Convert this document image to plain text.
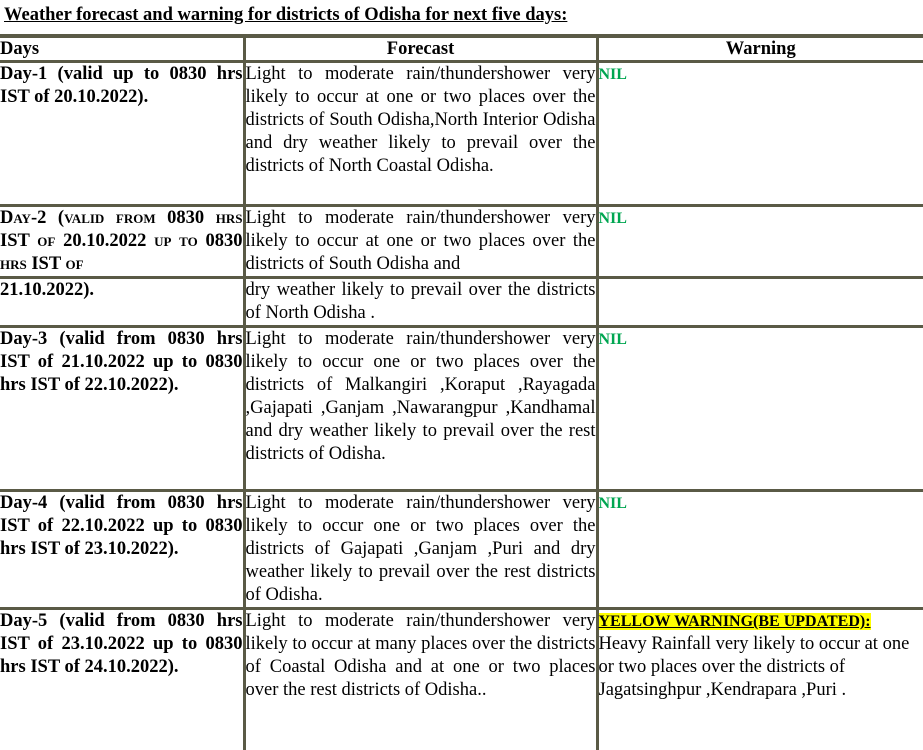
Weather forecast and warning for districts of Odisha for next five days:
Days	Forecast	Warning
Day-1 (valid up to 0830 hrs IST of 20.10.2022).	Light to moderate rain/thundershower very likely to occur at one or two places over the districts of South Odisha,North Interior Odisha and dry weather likely to prevail over the districts of North Coastal Odisha.	NIL
Day-2 (valid from 0830 hrs IST of 20.10.2022 up to 0830 hrs IST of	Light to moderate rain/thundershower very likely to occur at one or two places over the districts of South Odisha and	NIL
21.10.2022).	dry weather likely to prevail over the districts of North Odisha .	
Day-3 (valid from 0830 hrs IST of 21.10.2022 up to 0830 hrs IST of 22.10.2022).	Light to moderate rain/thundershower very likely to occur one or two places over the districts of Malkangiri ,Koraput ,Rayagada ,Gajapati ,Ganjam ,Nawarangpur ,Kandhamal and dry weather likely to prevail over the rest districts of Odisha.	NIL
Day-4 (valid from 0830 hrs IST of 22.10.2022 up to 0830 hrs IST of 23.10.2022).	Light to moderate rain/thundershower very likely to occur one or two places over the districts of Gajapati ,Ganjam ,Puri and dry weather likely to prevail over the rest districts of Odisha.	NIL
Day-5 (valid from 0830 hrs IST of 23.10.2022 up to 0830 hrs IST of 24.10.2022).	Light to moderate rain/thundershower very likely to occur at many places over the districts of Coastal Odisha and at one or two places over the rest districts of Odisha..	YELLOW WARNING(BE UPDATED):
Heavy Rainfall very likely to occur at one or two places over the districts of Jagatsinghpur ,Kendrapara ,Puri .
